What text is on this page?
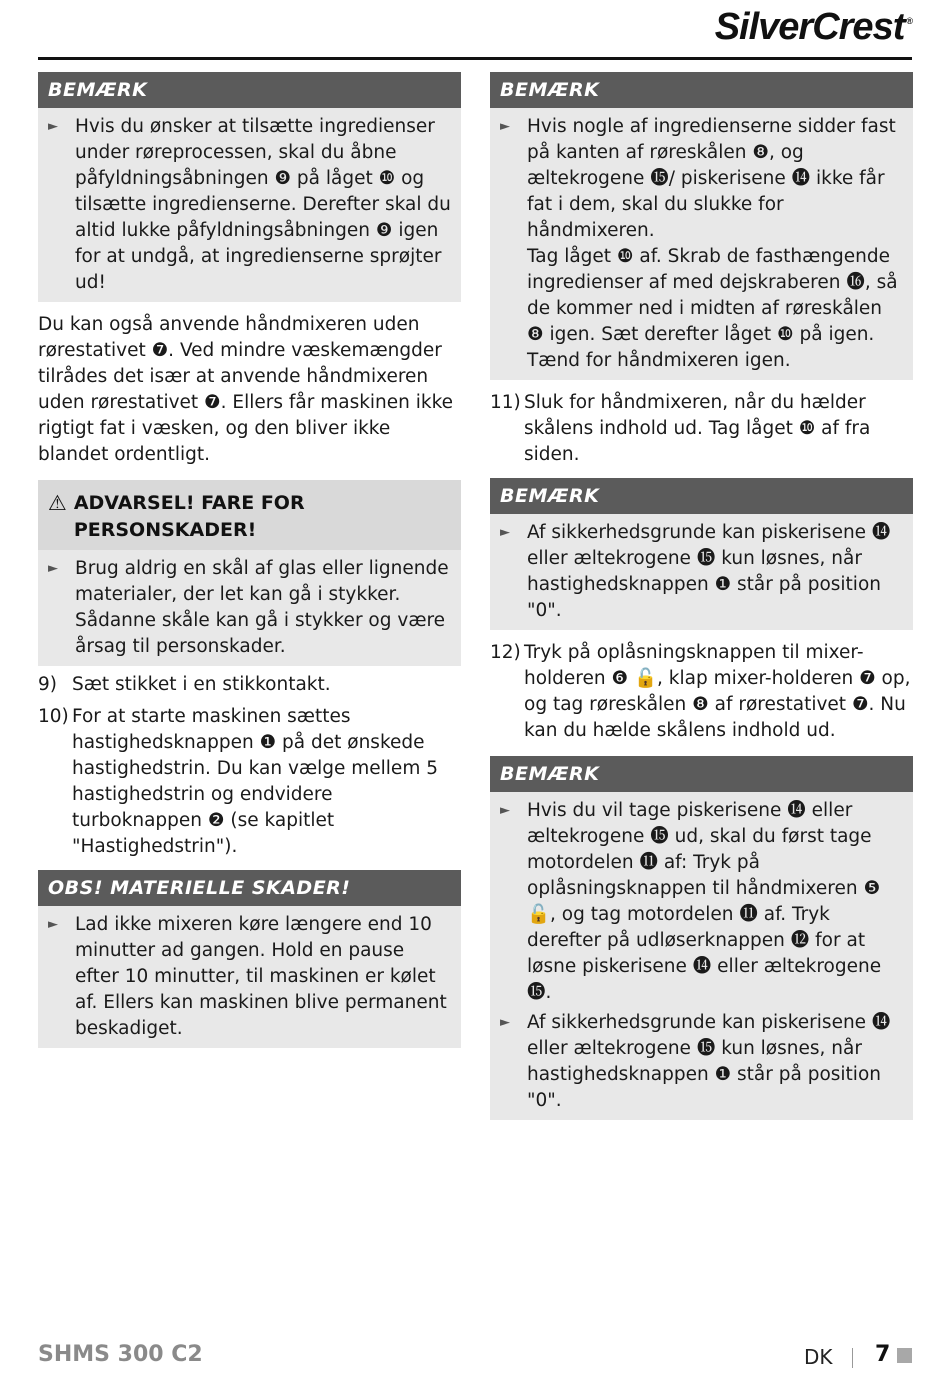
SilverCrest ®
BEMÆRK
► Hvis du ønsker at tilsætte ingredienser under røreprocessen, skal du åbne påfyldningsåbningen ❾ på låget ❿ og tilsætte ingredienserne. Derefter skal du altid lukke påfyldningsåbningen ❾ igen for at undgå, at ingredienserne sprøjter ud!

Du kan også anvende håndmixeren uden rørestativet ❼. Ved mindre væskemængder tilrådes det især at anvende håndmixeren uden rørestativet ❼. Ellers får maskinen ikke rigtigt fat i væsken, og den bliver ikke blandet ordentligt.

⚠ ADVARSEL! FARE FOR PERSONSKADER!
► Brug aldrig en skål af glas eller lignende materialer, der let kan gå i stykker. Sådanne skåle kan gå i stykker og være årsag til personskader.
9) Sæt stikket i en stikkontakt.
10) For at starte maskinen sættes hastighedsknappen ❶ på det ønskede hastighedstrin. Du kan vælge mellem 5 hastighedstrin og endvidere turboknappen ❷ (se kapitlet "Hastighedstrin").
OBS! MATERIELLE SKADER!
► Lad ikke mixeren køre længere end 10 minutter ad gangen. Hold en pause efter 10 minutter, til maskinen er kølet af. Ellers kan maskinen blive permanent beskadiget.
BEMÆRK
► Hvis nogle af ingredienserne sidder fast på kanten af røreskålen ❽, og æltekrogene ⓯/ piskerisene ⓮ ikke får fat i dem, skal du slukke for håndmixeren.
Tag låget ❿ af. Skrab de fasthængende ingredienser af med dejskraberen ⓰, så de kommer ned i midten af røreskålen ❽ igen. Sæt derefter låget ❿ på igen. Tænd for håndmixeren igen.
11) Sluk for håndmixeren, når du hælder skålens indhold ud. Tag låget ❿ af fra siden.
BEMÆRK
► Af sikkerhedsgrunde kan piskerisene ⓮ eller æltekrogene ⓯ kun løsnes, når hastighedsknappen ❶ står på position "0".
12) Tryk på oplåsningsknappen til mixer-holderen ❻ 🔓, klap mixer-holderen ❼ op, og tag røreskålen ❽ af rørestativet ❼. Nu kan du hælde skålens indhold ud.
BEMÆRK
► Hvis du vil tage piskerisene ⓮ eller æltekrogene ⓯ ud, skal du først tage motordelen ⓫ af: Tryk på oplåsningsknappen til håndmixeren ❺ 🔓, og tag motordelen ⓫ af. Tryk derefter på udløserknappen ⓬ for at løsne piskerisene ⓮ eller æltekrogene ⓯.
► Af sikkerhedsgrunde kan piskerisene ⓮ eller æltekrogene ⓯ kun løsnes, når hastighedsknappen ❶ står på position "0".
SHMS 300 C2	DK 7
